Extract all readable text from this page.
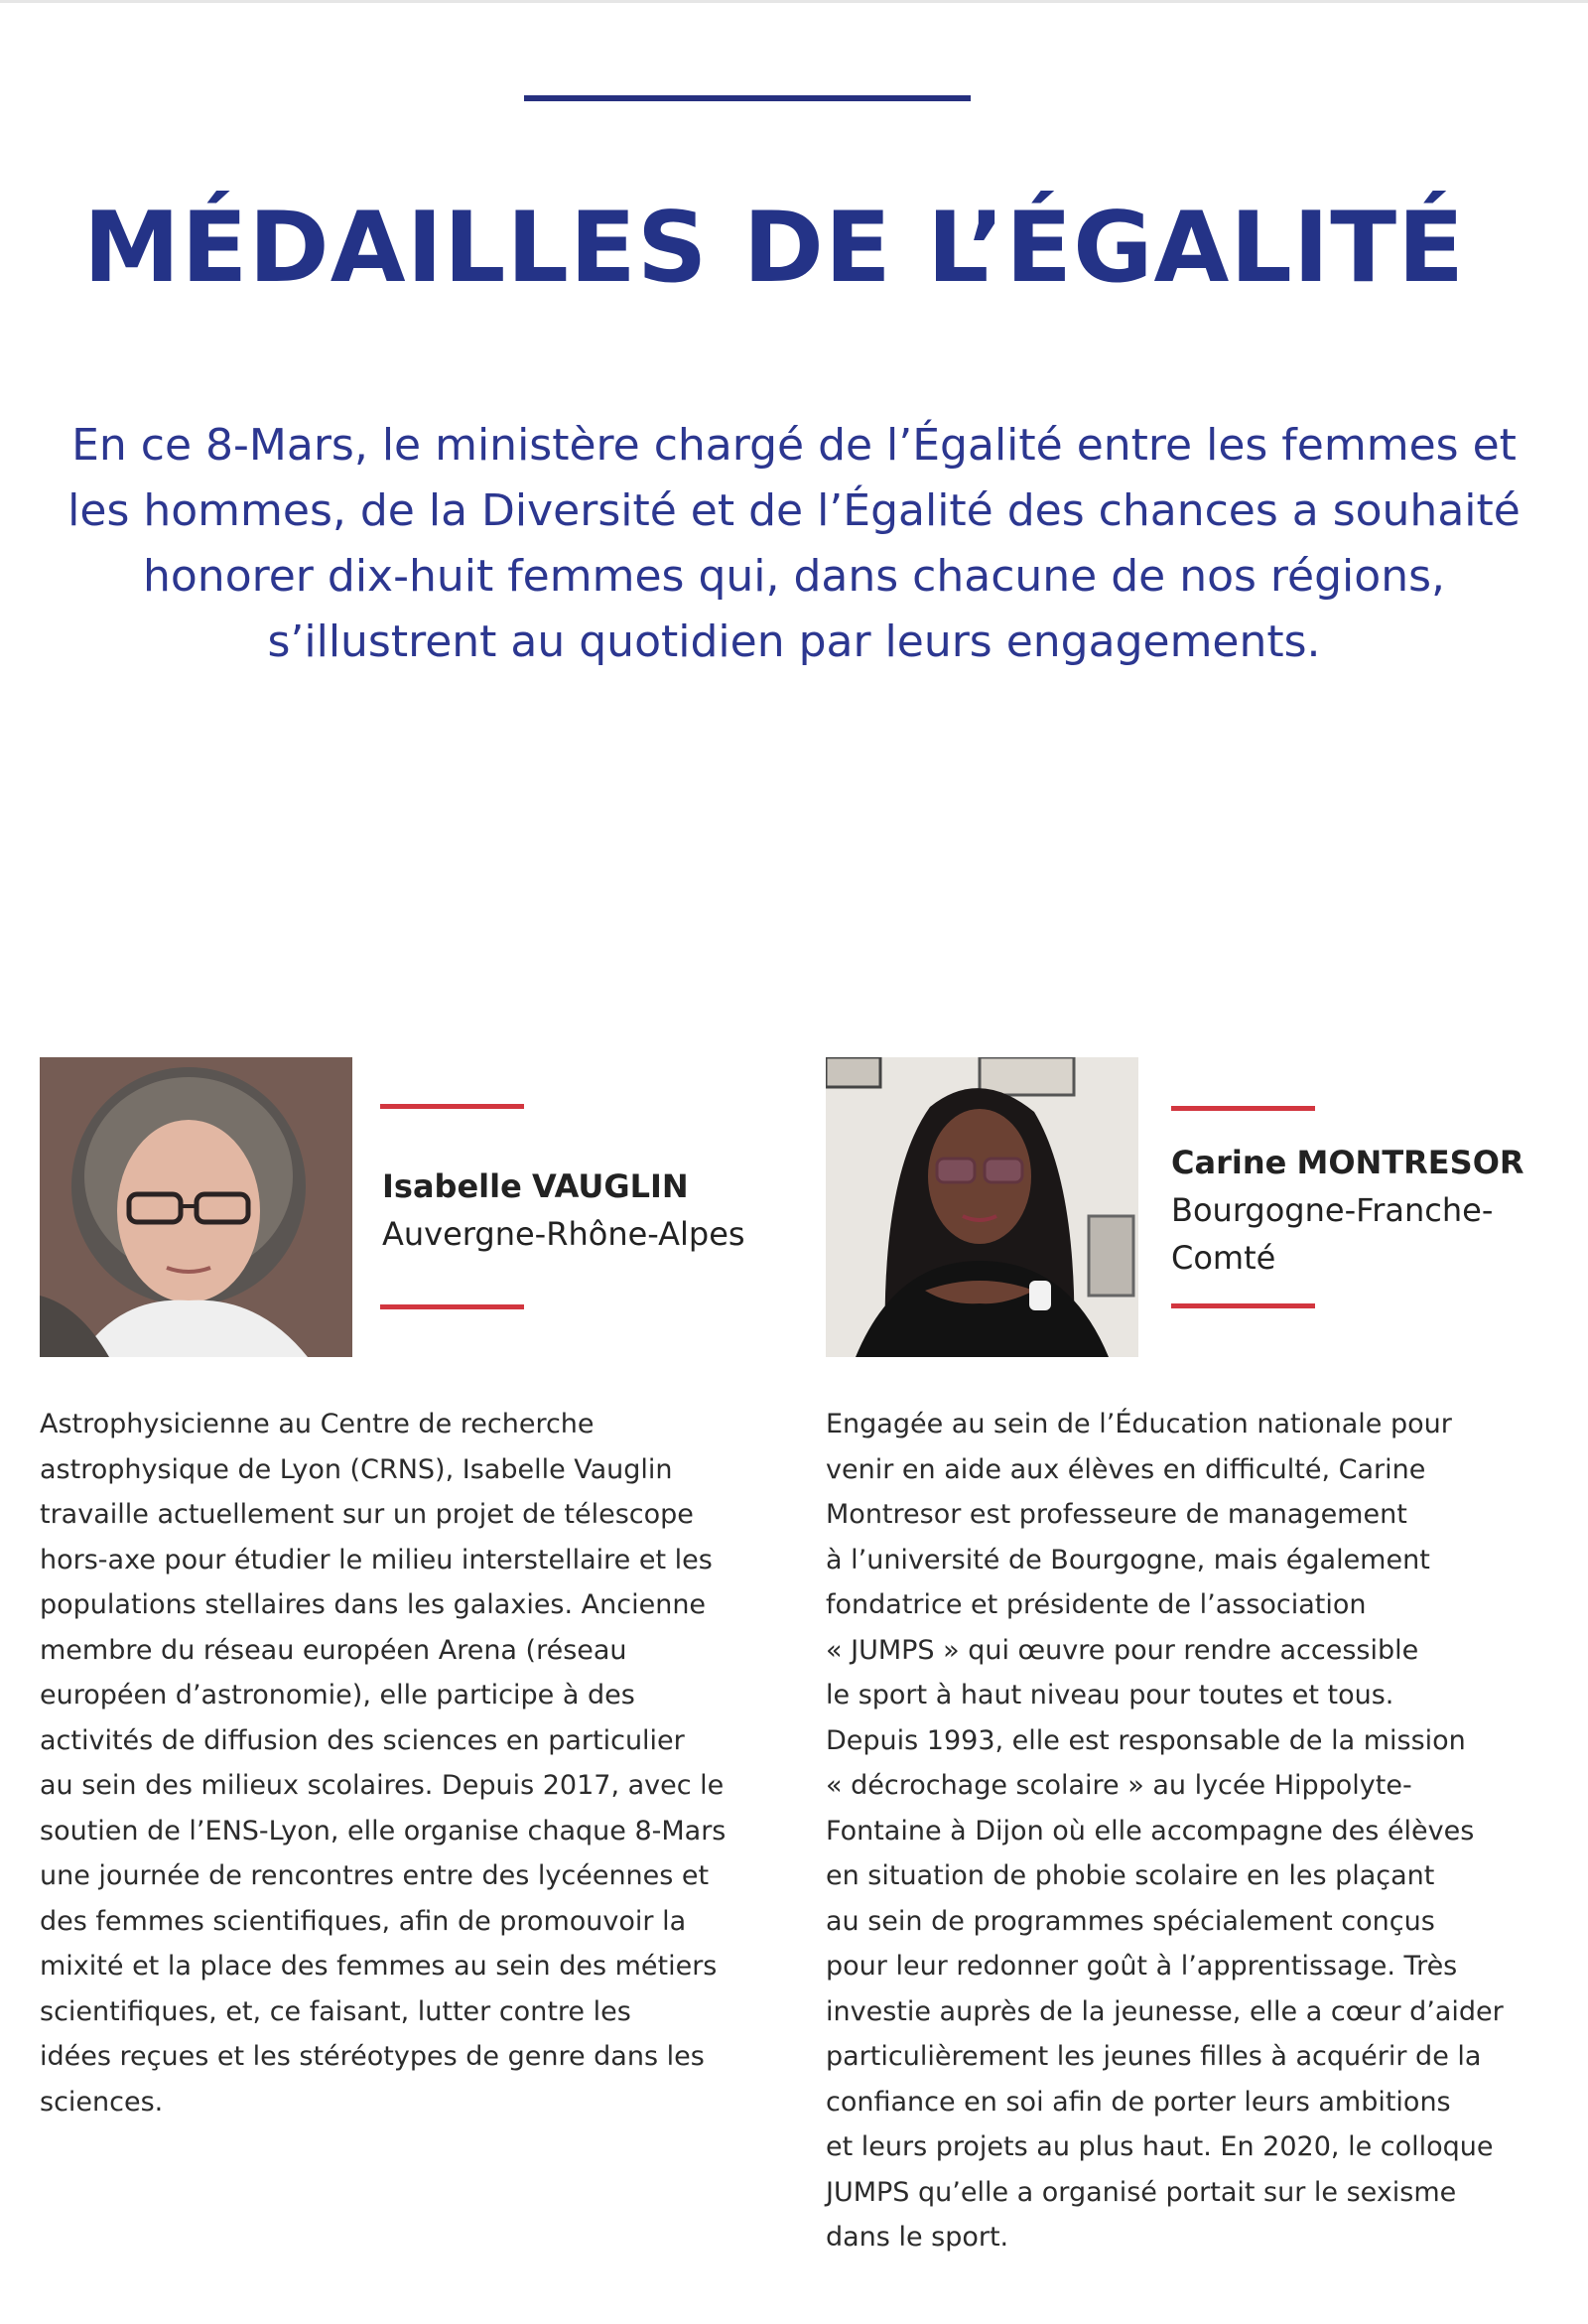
MÉDAILLES DE L’ÉGALITÉ

En ce 8-Mars, le ministère chargé de l’Égalité entre les femmes et les hommes, de la Diversité et de l’Égalité des chances a souhaité honorer dix-huit femmes qui, dans chacune de nos régions, s’illustrent au quotidien par leurs engagements.

Isabelle VAUGLIN
Auvergne-Rhône-Alpes

Astrophysicienne au Centre de recherche
astrophysique de Lyon (CRNS), Isabelle Vauglin
travaille actuellement sur un projet de télescope
hors-axe pour étudier le milieu interstellaire et les
populations stellaires dans les galaxies. Ancienne
membre du réseau européen Arena (réseau
européen d’astronomie), elle participe à des
activités de diffusion des sciences en particulier
au sein des milieux scolaires. Depuis 2017, avec le
soutien de l’ENS-Lyon, elle organise chaque 8-Mars
une journée de rencontres entre des lycéennes et
des femmes scientifiques, afin de promouvoir la
mixité et la place des femmes au sein des métiers
scientifiques, et, ce faisant, lutter contre les
idées reçues et les stéréotypes de genre dans les
sciences.

Carine MONTRESOR
Bourgogne-Franche-
Comté

Engagée au sein de l’Éducation nationale pour
venir en aide aux élèves en difficulté, Carine
Montresor est professeure de management
à l’université de Bourgogne, mais également
fondatrice et présidente de l’association
« JUMPS » qui œuvre pour rendre accessible
le sport à haut niveau pour toutes et tous.
Depuis 1993, elle est responsable de la mission
« décrochage scolaire » au lycée Hippolyte-
Fontaine à Dijon où elle accompagne des élèves
en situation de phobie scolaire en les plaçant
au sein de programmes spécialement conçus
pour leur redonner goût à l’apprentissage. Très
investie auprès de la jeunesse, elle a cœur d’aider
particulièrement les jeunes filles à acquérir de la
confiance en soi afin de porter leurs ambitions
et leurs projets au plus haut. En 2020, le colloque
JUMPS qu’elle a organisé portait sur le sexisme
dans le sport.
